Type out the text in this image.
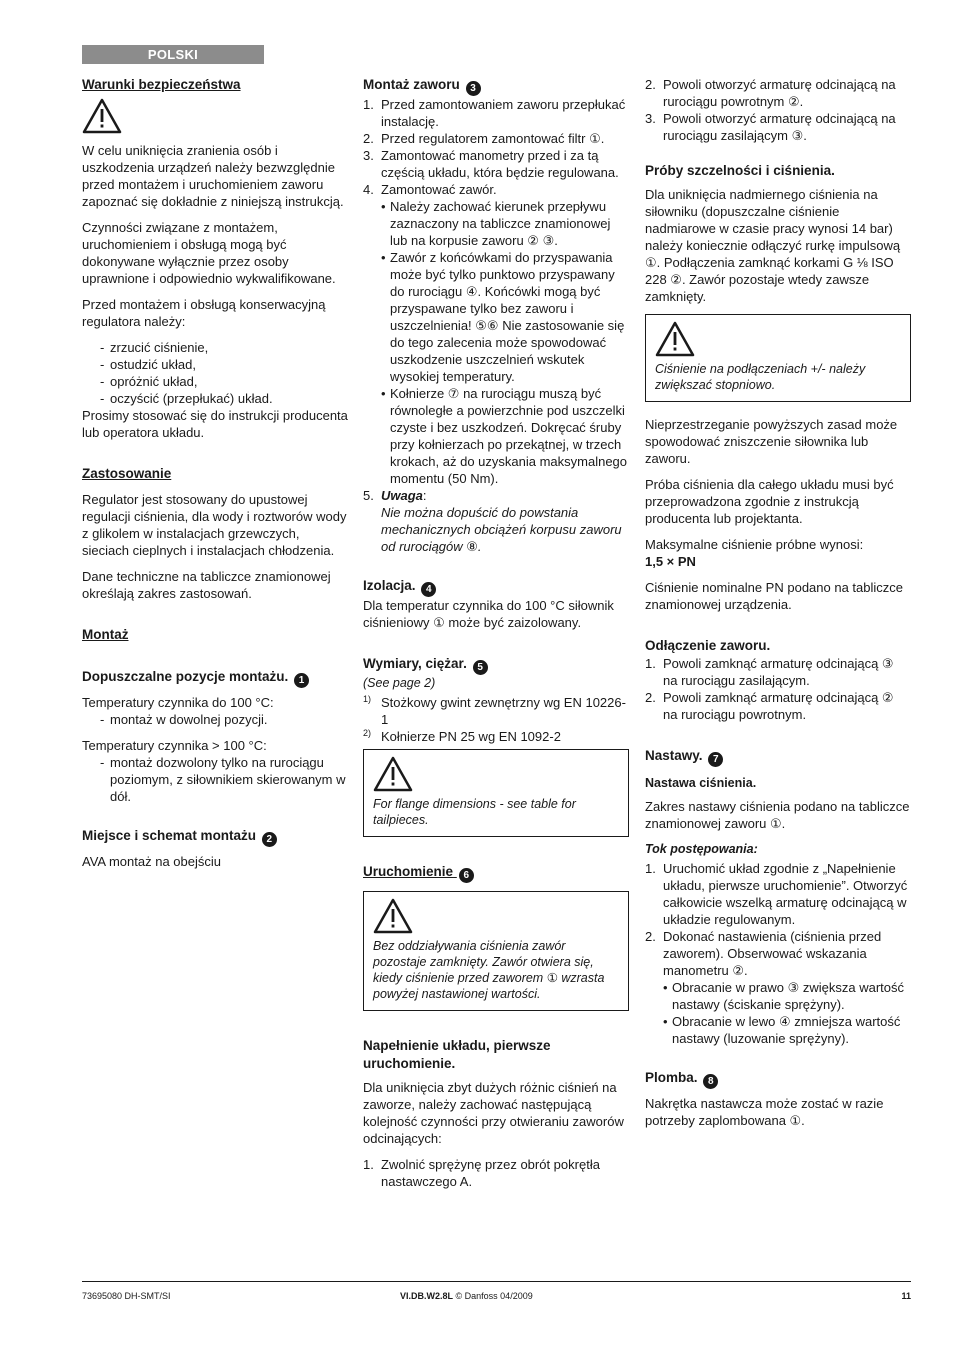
POLSKI
Warunki bezpieczeństwa

W celu uniknięcia zranienia osób i uszkodzenia urządzeń należy bezwzględnie przed montażem i uruchomieniem zaworu zapoznać się dokładnie z niniejszą instrukcją.

Czynności związane z montażem, uruchomieniem i obsługą mogą być dokonywane wyłącznie przez osoby uprawnione i odpowiednio wykwalifikowane.

Przed montażem i obsługą konserwacyjną regulatora należy:

- zrzucić ciśnienie,
- ostudzić układ,
- opróżnić układ,
- oczyścić (przepłukać) układ.

Prosimy stosować się do instrukcji producenta lub operatora układu.

Zastosowanie

Regulator jest stosowany do upustowej regulacji ciśnienia, dla wody i roztworów wody z glikolem w instalacjach grzewczych, sieciach cieplnych i instalacjach chłodzenia.

Dane techniczne na tabliczce znamionowej określają zakres zastosowań.

Montaż
Dopuszczalne pozycje montażu. 1

Temperatury czynnika do 100 °C:

- montaż w dowolnej pozycji.

Temperatury czynnika > 100 °C:

- montaż dozwolony tylko na rurociągu poziomym, z siłownikiem skierowanym w dół.
Miejsce i schemat montażu 2

AVA montaż na obejściu

Montaż zaworu 3
1. Przed zamontowaniem zaworu przepłukać instalację.
2. Przed regulatorem zamontować filtr ①.
3. Zamontować manometry przed i za tą częścią układu, która będzie regulowana.
4. Zamontować zawór.
• Należy zachować kierunek przepływu zaznaczony na tabliczce znamionowej lub na korpusie zaworu ② ③.
• Zawór z końcówkami do przyspawania może być tylko punktowo przyspawany do rurociągu ④. Końcówki mogą być przyspawane tylko bez zaworu i uszczelnienia! ⑤⑥ Nie zastosowanie się do tego zalecenia może spowodować uszkodzenie uszczelnień wskutek wysokiej temperatury.
• Kołnierze ⑦ na rurociągu muszą być równoległe a powierzchnie pod uszczelki czyste i bez uszkodzeń. Dokręcać śruby przy kołnierzach po przekątnej, w trzech krokach, aż do uzyskania maksymalnego momentu (50 Nm).
5. Uwaga:
Nie można dopuścić do powstania mechanicznych obciążeń korpusu zaworu od rurociągów ⑧.
Izolacja. 4

Dla temperatur czynnika do 100 °C siłownik ciśnieniowy ① może być zaizolowany.

Wymiary, ciężar. 5

(See page 2)

1) Stożkowy gwint zewnętrzny wg EN 10226-1
2) Kołnierze PN 25 wg EN 1092-2

For flange dimensions - see table for tailpieces.

Uruchomienie 6

Bez oddziaływania ciśnienia zawór pozostaje zamknięty. Zawór otwiera się, kiedy ciśnienie przed zaworem ① wzrasta powyżej nastawionej wartości.

Napełnienie układu, pierwsze uruchomienie.

Dla uniknięcia zbyt dużych różnic ciśnień na zaworze, należy zachować następującą kolejność czynności przy otwieraniu zaworów odcinających:

1. Zwolnić sprężynę przez obrót pokrętła nastawczego A.
2. Powoli otworzyć armaturę odcinającą na rurociągu powrotnym ②.
3. Powoli otworzyć armaturę odcinającą na rurociągu zasilającym ③.
Próby szczelności i ciśnienia.

Dla uniknięcia nadmiernego ciśnienia na siłowniku (dopuszczalne ciśnienie nadmiarowe w czasie pracy wynosi 14 bar) należy koniecznie odłączyć rurkę impulsową ①. Podłączenia zamknąć korkami G ⅛ ISO 228 ②. Zawór pozostaje wtedy zawsze zamknięty.

Ciśnienie na podłączeniach +/- należy zwiększać stopniowo.

Nieprzestrzeganie powyższych zasad może spowodować zniszczenie siłownika lub zaworu.

Próba ciśnienia dla całego układu musi być przeprowadzona zgodnie z instrukcją producenta lub projektanta.

Maksymalne ciśnienie próbne wynosi:

1,5 × PN

Ciśnienie nominalne PN podano na tabliczce znamionowej urządzenia.

Odłączenie zaworu.
1. Powoli zamknąć armaturę odcinającą ③ na rurociągu zasilającym.
2. Powoli zamknąć armaturę odcinającą ② na rurociągu powrotnym.
Nastawy. 7
Nastawa ciśnienia.

Zakres nastawy ciśnienia podano na tabliczce znamionowej zaworu ①.

Tok postępowania:

1. Uruchomić układ zgodnie z „Napełnienie układu, pierwsze uruchomienie”. Otworzyć całkowicie wszelką armaturę odcinającą w układzie regulowanym.
2. Dokonać nastawienia (ciśnienia przed zaworem). Obserwować wskazania manometru ②.
• Obracanie w prawo ③ zwiększa wartość nastawy (ściskanie sprężyny).
• Obracanie w lewo ④ zmniejsza wartość nastawy (luzowanie sprężyny).
Plomba. 8

Nakrętka nastawcza może zostać w razie potrzeby zaplombowana ①.

73695080 DH-SMT/SI	VI.DB.W2.8L © Danfoss 04/2009	11
